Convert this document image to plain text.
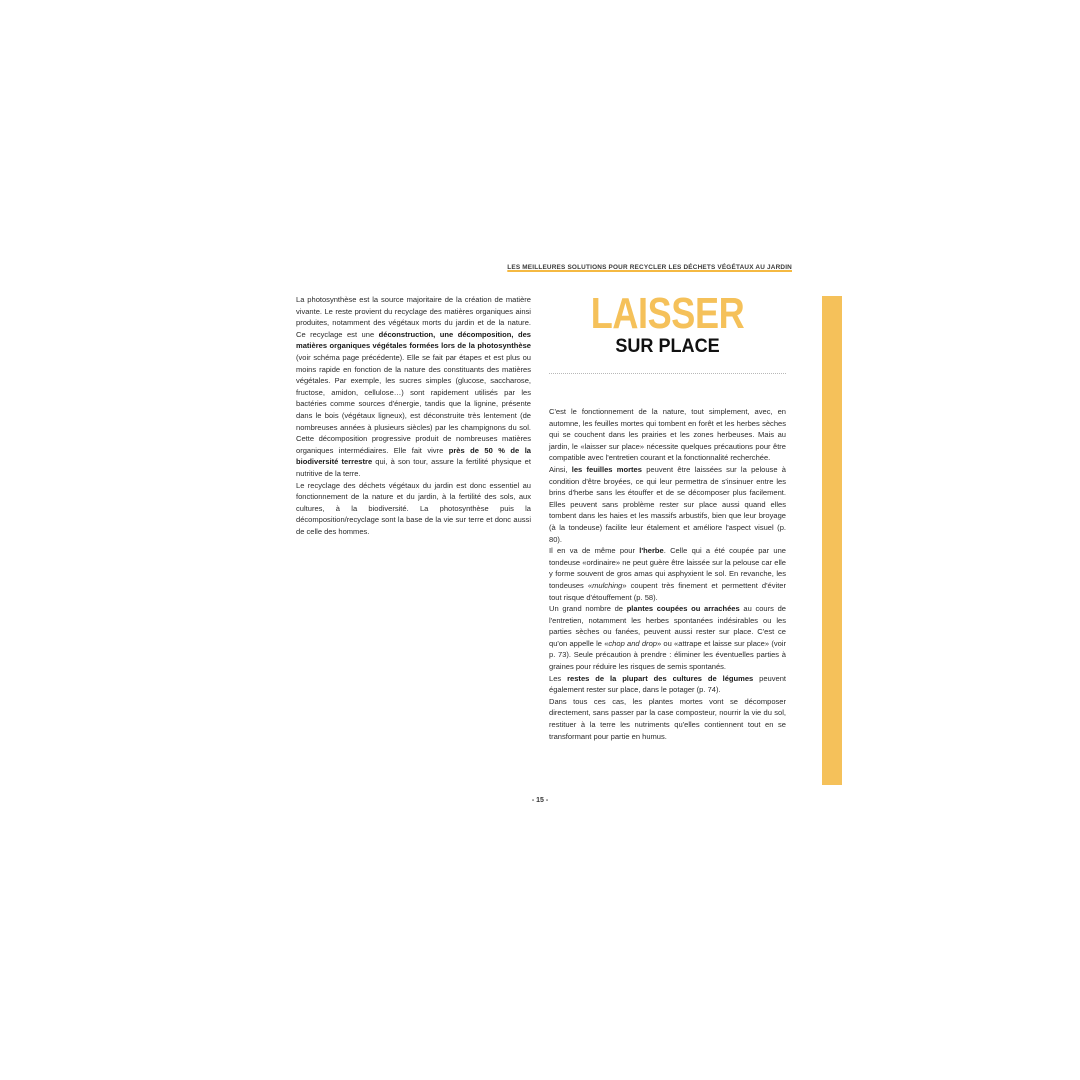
LES MEILLEURES SOLUTIONS POUR RECYCLER LES DÉCHETS VÉGÉTAUX AU JARDIN

La photosynthèse est la source majoritaire de la création de matière vivante. Le reste provient du recyclage des matières organiques ainsi produites, notamment des végétaux morts du jardin et de la nature. Ce recyclage est une déconstruction, une décomposition, des matières organiques végétales formées lors de la photosynthèse (voir schéma page précédente). Elle se fait par étapes et est plus ou moins rapide en fonction de la nature des constituants des matières végétales. Par exemple, les sucres simples (glucose, saccharose, fructose, amidon, cellulose…) sont rapidement utilisés par les bactéries comme sources d'énergie, tandis que la lignine, présente dans le bois (végétaux ligneux), est déconstruite très lentement (de nombreuses années à plusieurs siècles) par les champignons du sol. Cette décomposition progressive produit de nombreuses matières organiques intermédiaires. Elle fait vivre près de 50 % de la biodiversité terrestre qui, à son tour, assure la fertilité physique et nutritive de la terre.

Le recyclage des déchets végétaux du jardin est donc essentiel au fonctionnement de la nature et du jardin, à la fertilité des sols, aux cultures, à la biodiversité. La photosynthèse puis la décomposition/recyclage sont la base de la vie sur terre et donc aussi de celle des hommes.

LAISSER
SUR PLACE

C'est le fonctionnement de la nature, tout simplement, avec, en automne, les feuilles mortes qui tombent en forêt et les herbes sèches qui se couchent dans les prairies et les zones herbeuses. Mais au jardin, le «laisser sur place» nécessite quelques précautions pour être compatible avec l'entretien courant et la fonctionnalité recherchée.

Ainsi, les feuilles mortes peuvent être laissées sur la pelouse à condition d'être broyées, ce qui leur permettra de s'insinuer entre les brins d'herbe sans les étouffer et de se décomposer plus facilement. Elles peuvent sans problème rester sur place aussi quand elles tombent dans les haies et les massifs arbustifs, bien que leur broyage (à la tondeuse) facilite leur étalement et améliore l'aspect visuel (p. 80).

Il en va de même pour l'herbe. Celle qui a été coupée par une tondeuse «ordinaire» ne peut guère être laissée sur la pelouse car elle y forme souvent de gros amas qui asphyxient le sol. En revanche, les tondeuses «mulching» coupent très finement et permettent d'éviter tout risque d'étouffement (p. 58).

Un grand nombre de plantes coupées ou arrachées au cours de l'entretien, notamment les herbes spontanées indésirables ou les parties sèches ou fanées, peuvent aussi rester sur place. C'est ce qu'on appelle le «chop and drop» ou «attrape et laisse sur place» (voir p. 73). Seule précaution à prendre : éliminer les éventuelles parties à graines pour réduire les risques de semis spontanés.

Les restes de la plupart des cultures de légumes peuvent également rester sur place, dans le potager (p. 74).

Dans tous ces cas, les plantes mortes vont se décomposer directement, sans passer par la case composteur, nourrir la vie du sol, restituer à la terre les nutriments qu'elles contiennent tout en se transformant pour partie en humus.

- 15 -
